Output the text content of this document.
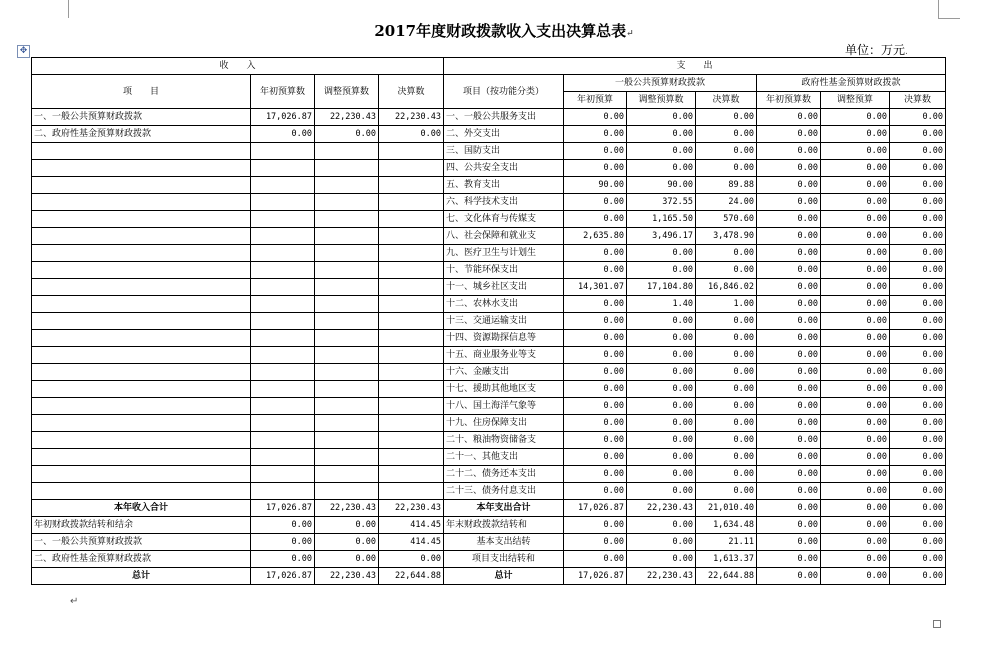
✥
2017年度财政拨款收入支出决算总表↵
单位：万元.
收　　入				支　　出						
项　　目	年初预算数	调整预算数	决算数	项目（按功能分类）	一般公共预算财政拨款			政府性基金预算财政拨款		
					年初预算	调整预算数	决算数	年初预算数	调整预算	决算数
一、一般公共预算财政拨款	17,026.87	22,230.43	22,230.43	一、一般公共服务支出	0.00	0.00	0.00	0.00	0.00	0.00
二、政府性基金预算财政拨款	0.00	0.00	0.00	二、外交支出	0.00	0.00	0.00	0.00	0.00	0.00
				三、国防支出	0.00	0.00	0.00	0.00	0.00	0.00
				四、公共安全支出	0.00	0.00	0.00	0.00	0.00	0.00
				五、教育支出	90.00	90.00	89.88	0.00	0.00	0.00
				六、科学技术支出	0.00	372.55	24.00	0.00	0.00	0.00
				七、文化体育与传媒支	0.00	1,165.50	570.60	0.00	0.00	0.00
				八、社会保障和就业支	2,635.80	3,496.17	3,478.90	0.00	0.00	0.00
				九、医疗卫生与计划生	0.00	0.00	0.00	0.00	0.00	0.00
				十、节能环保支出	0.00	0.00	0.00	0.00	0.00	0.00
				十一、城乡社区支出	14,301.07	17,104.80	16,846.02	0.00	0.00	0.00
				十二、农林水支出	0.00	1.40	1.00	0.00	0.00	0.00
				十三、交通运输支出	0.00	0.00	0.00	0.00	0.00	0.00
				十四、资源勘探信息等	0.00	0.00	0.00	0.00	0.00	0.00
				十五、商业服务业等支	0.00	0.00	0.00	0.00	0.00	0.00
				十六、金融支出	0.00	0.00	0.00	0.00	0.00	0.00
				十七、援助其他地区支	0.00	0.00	0.00	0.00	0.00	0.00
				十八、国土海洋气象等	0.00	0.00	0.00	0.00	0.00	0.00
				十九、住房保障支出	0.00	0.00	0.00	0.00	0.00	0.00
				二十、粮油物资储备支	0.00	0.00	0.00	0.00	0.00	0.00
				二十一、其他支出	0.00	0.00	0.00	0.00	0.00	0.00
				二十二、债务还本支出	0.00	0.00	0.00	0.00	0.00	0.00
				二十三、债务付息支出	0.00	0.00	0.00	0.00	0.00	0.00
本年收入合计	17,026.87	22,230.43	22,230.43	本年支出合计	17,026.87	22,230.43	21,010.40	0.00	0.00	0.00
年初财政拨款结转和结余	0.00	0.00	414.45	年末财政拨款结转和	0.00	0.00	1,634.48	0.00	0.00	0.00
一、一般公共预算财政拨款	0.00	0.00	414.45	基本支出结转	0.00	0.00	21.11	0.00	0.00	0.00
二、政府性基金预算财政拨款	0.00	0.00	0.00	项目支出结转和	0.00	0.00	1,613.37	0.00	0.00	0.00
总计	17,026.87	22,230.43	22,644.88	总计	17,026.87	22,230.43	22,644.88	0.00	0.00	0.00
↵
